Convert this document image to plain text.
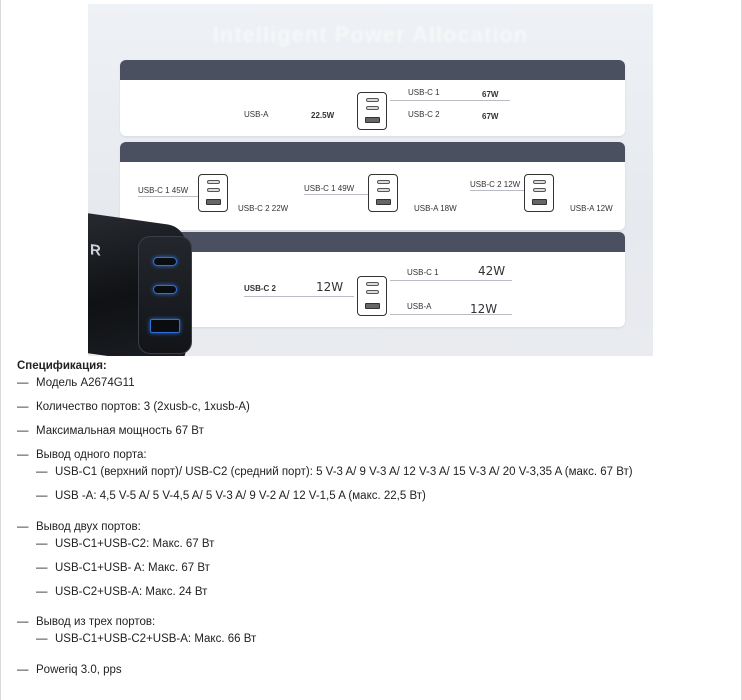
Intelligent Power Allocation
USB-A	22.5W
USB-C 1	67W
USB-C 2	67W
USB-C 1 45W
USB-C 2 22W
USB-C 1 49W
USB-A 18W
USB-C 2 12W
USB-A 12W
USB-C 2	12W
USB-C 1	42W
USB-A	12W
R
Спецификация:
— Модель A2674G11
— Количество портов: 3 (2xusb-c, 1xusb-A)
— Максимальная мощность 67 Вт
— Вывод одного порта:
— USB-C1 (верхний порт)/ USB-C2 (средний порт): 5 V-3 A/ 9 V-3 A/ 12 V-3 A/ 15 V-3 A/ 20 V-3,35 A (макс. 67 Вт)
— USB -A: 4,5 V-5 A/ 5 V-4,5 A/ 5 V-3 A/ 9 V-2 A/ 12 V-1,5 A (макс. 22,5 Вт)
— Вывод двух портов:
— USB-C1+USB-C2: Макс. 67 Вт
— USB-C1+USB- A: Макс. 67 Вт
— USB-C2+USB-A: Макс. 24 Вт
— Вывод из трех портов:
— USB-C1+USB-C2+USB-A: Макс. 66 Вт
— Poweriq 3.0, pps
